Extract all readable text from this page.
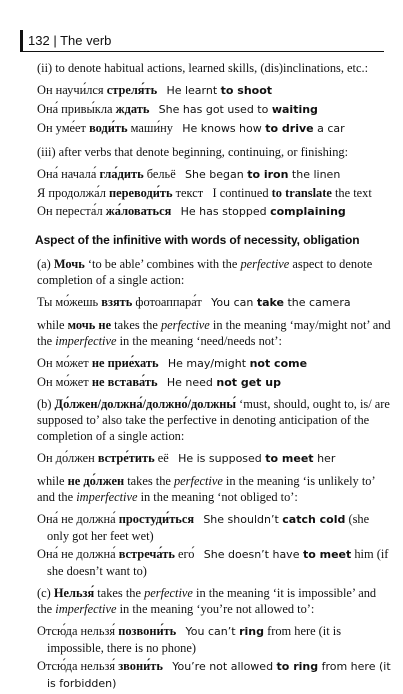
132 | The verb

(ii) to denote habitual actions, learned skills, (dis)inclinations, etc.:

Он научи́лся стреля́ть He learnt to shoot

Она́ привы́кла ждать She has got used to waiting

Он уме́ет води́ть маши́ну He knows how to drive a car

(iii) after verbs that denote beginning, continuing, or finishing:

Она́ начала́ гла́дить бельё She began to iron the linen

Я продолжа́л переводи́ть текст I continued to translate the text

Он переста́л жа́ловаться He has stopped complaining

Aspect of the infinitive with words of necessity, obligation

(a) Мочь ‘to be able’ combines with the perfective aspect to denote completion of a single action:

Ты мо́жешь взять фотоаппара́т You can take the camera

while мочь не takes the perfective in the meaning ‘may/might not’ and the imperfective in the meaning ‘need/needs not’:

Он мо́жет не прие́хать He may/might not come

Он мо́жет не встава́ть He need not get up

(b) До́лжен/должна́/должно́/должны́ ‘must, should, ought to, is/ are supposed to’ also take the perfective in denoting anticipation of the completion of a single action:

Он до́лжен встре́тить её He is supposed to meet her

while не до́лжен takes the perfective in the meaning ‘is unlikely to’ and the imperfective in the meaning ‘not obliged to’:

Она́ не должна́ простуди́ться She shouldn’t catch cold (she only got her feet wet)

Она́ не должна́ встреча́ть его́ She doesn’t have to meet him (if she doesn’t want to)

(c) Нельзя́ takes the perfective in the meaning ‘it is impossible’ and the imperfective in the meaning ‘you’re not allowed to’:

Отсю́да нельзя́ позвони́ть You can’t ring from here (it is impossible, there is no phone)

Отсю́да нельзя́ звони́ть You’re not allowed to ring from here (it is forbidden)
